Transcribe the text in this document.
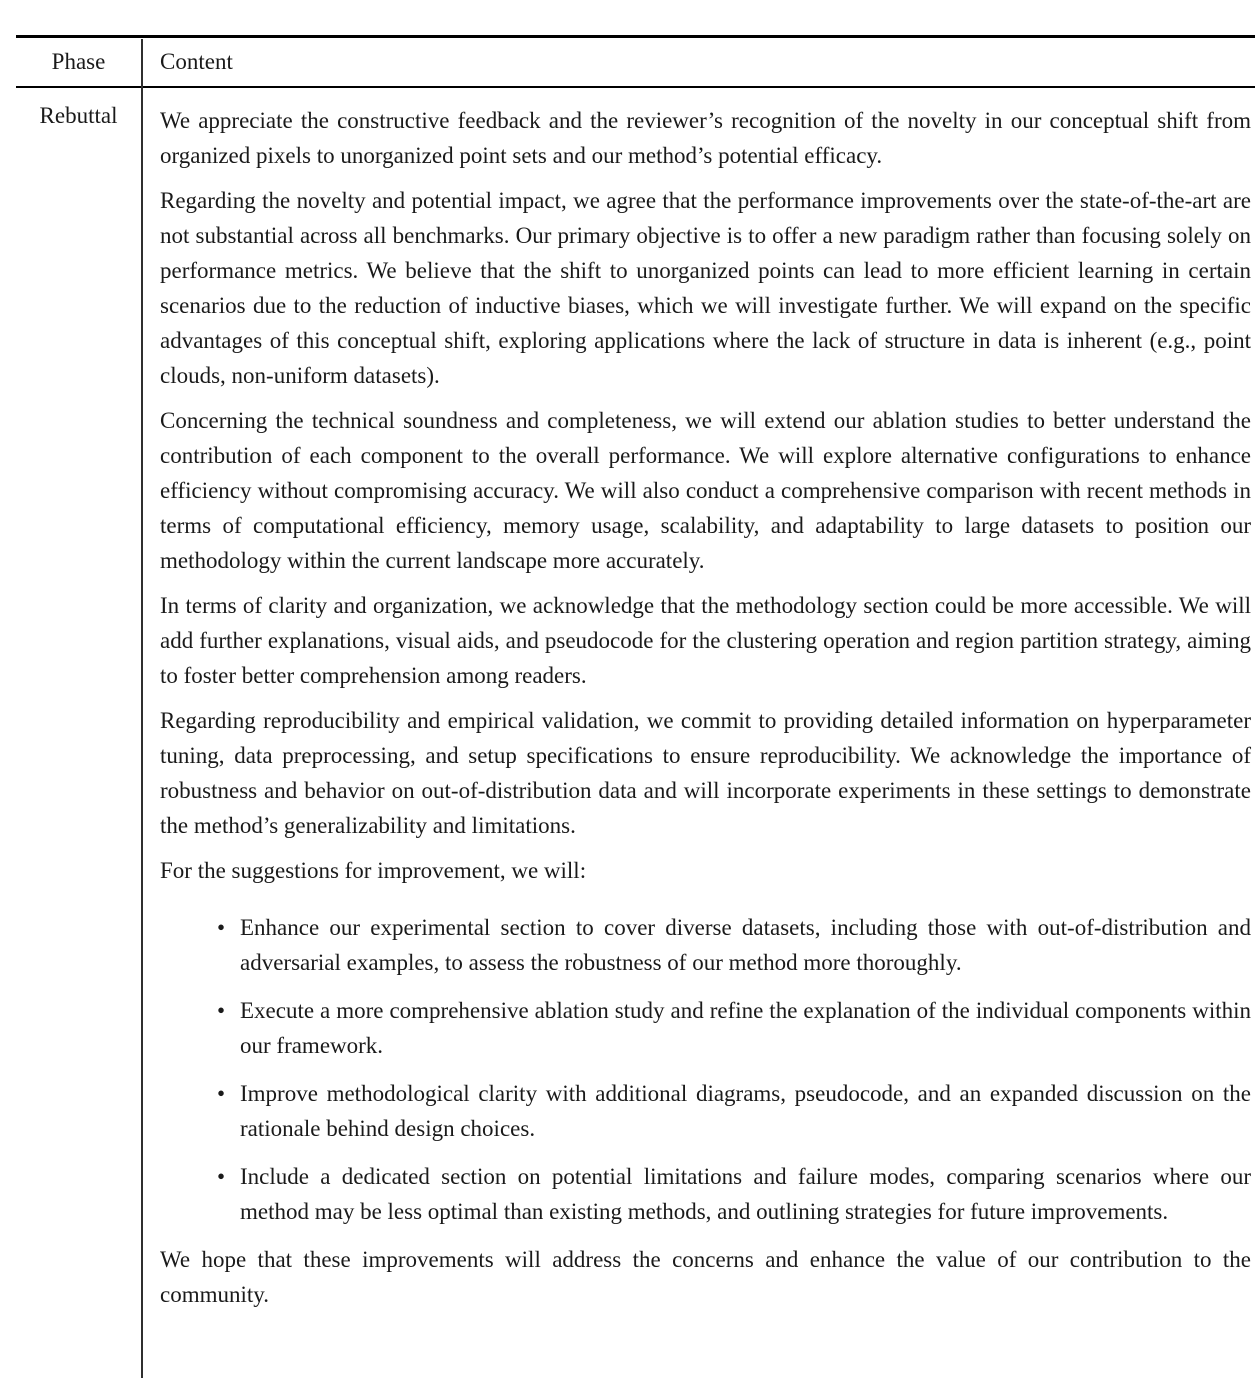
Phase	Content
Rebuttal	We appreciate the constructive feedback and the reviewer’s recognition of the novelty in our conceptual shift from organized pixels to unorganized point sets and our method’s potential efficacy.

Regarding the novelty and potential impact, we agree that the performance improvements over the state-of-the-art are not substantial across all benchmarks. Our primary objective is to offer a new paradigm rather than focusing solely on performance metrics. We believe that the shift to unorganized points can lead to more efficient learning in certain scenarios due to the reduction of inductive biases, which we will investigate further. We will expand on the specific advantages of this conceptual shift, exploring applications where the lack of structure in data is inherent (e.g., point clouds, non-uniform datasets).

Concerning the technical soundness and completeness, we will extend our ablation studies to better understand the contribution of each component to the overall performance. We will explore alternative configurations to enhance efficiency without compromising accuracy. We will also conduct a comprehensive comparison with recent methods in terms of computational efficiency, memory usage, scalability, and adaptability to large datasets to position our methodology within the current landscape more accurately.

In terms of clarity and organization, we acknowledge that the methodology section could be more accessible. We will add further explanations, visual aids, and pseudocode for the clustering operation and region partition strategy, aiming to foster better comprehension among readers.

Regarding reproducibility and empirical validation, we commit to providing detailed information on hyperparameter tuning, data preprocessing, and setup specifications to ensure reproducibility. We acknowledge the importance of robustness and behavior on out-of-distribution data and will incorporate experiments in these settings to demonstrate the method’s generalizability and limitations.

For the suggestions for improvement, we will:

• Enhance our experimental section to cover diverse datasets, including those with out-of-distribution and adversarial examples, to assess the robustness of our method more thoroughly.
• Execute a more comprehensive ablation study and refine the explanation of the individual components within our framework.
• Improve methodological clarity with additional diagrams, pseudocode, and an expanded discussion on the rationale behind design choices.
• Include a dedicated section on potential limitations and failure modes, comparing scenarios where our method may be less optimal than existing methods, and outlining strategies for future improvements.

We hope that these improvements will address the concerns and enhance the value of our contribution to the community.
